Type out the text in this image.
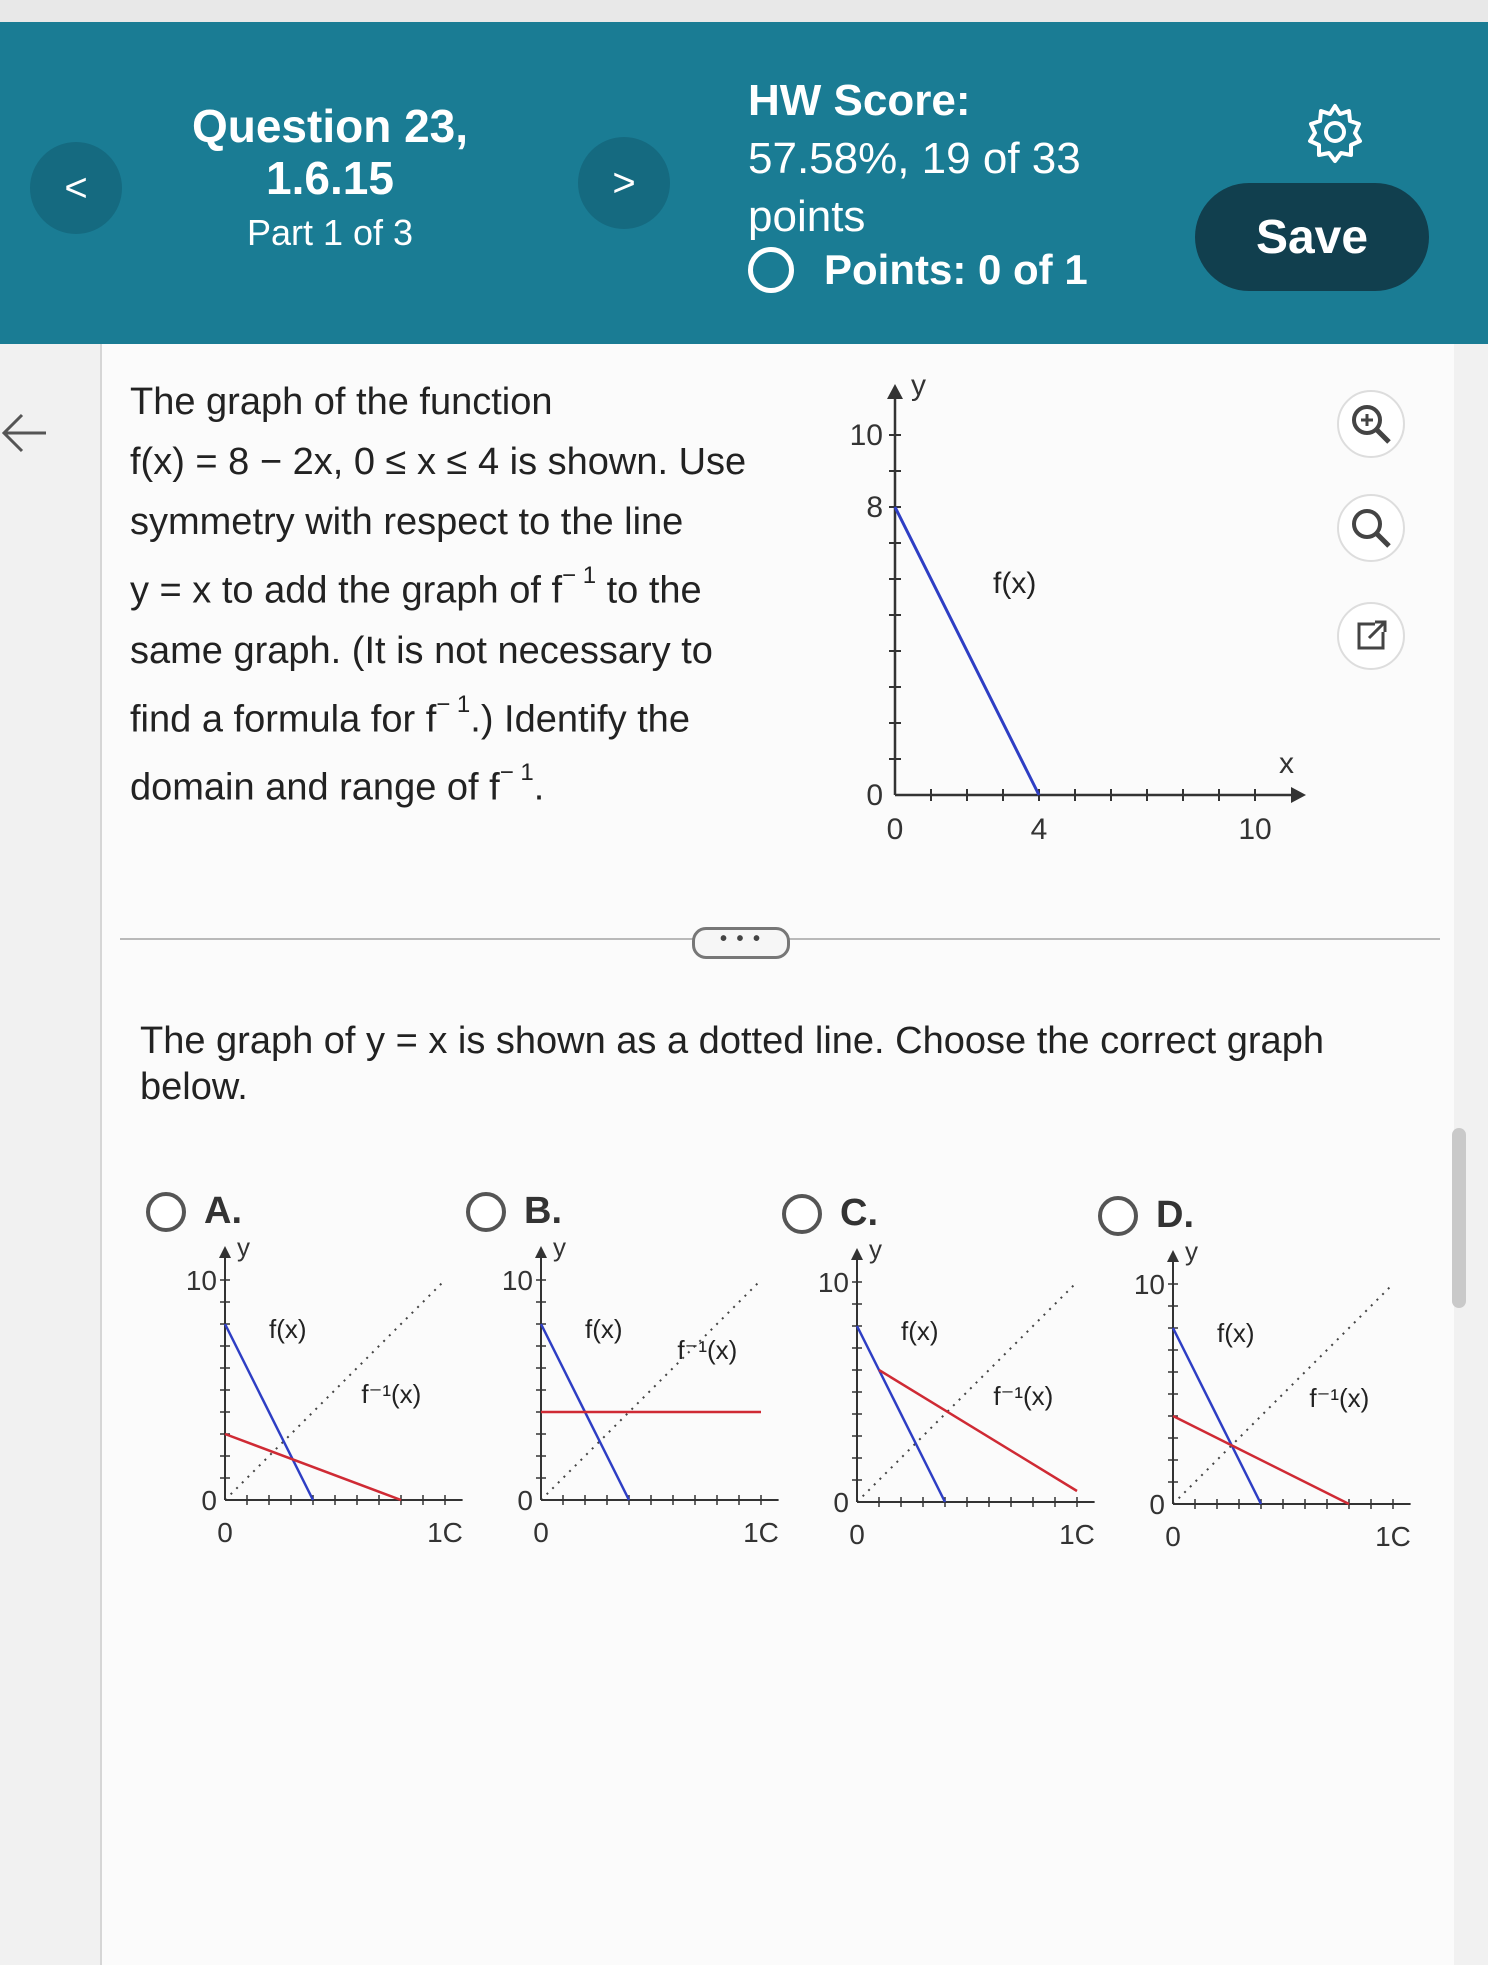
<	>
Question 23, 1.6.15
Part 1 of 3
HW Score:
57.58%, 19 of 33
points
Points: 0 of 1
Save
The graph of the function
f(x) = 8 − 2x, 0 ≤ x ≤ 4 is shown. Use
symmetry with respect to the line
y = x to add the graph of $f^{- 1}$ to the
same graph. (It is not necessary to
find a formula for $f^{- 1}$.) Identify the
domain and range of $f^{- 1}$.
0	4	10
0
8
10
y
x
f(x)
• • •
The graph of y = x is shown as a dotted line. Choose the correct graph below.
A.	B.	C.	D.
10
y
0
0	1C
f(x)
f⁻¹(x)
10
y
0
0	1C
f(x)
f⁻¹(x)
10
y
0
0	1C
f(x)
f⁻¹(x)
10
y
0
0	1C
f(x)
f⁻¹(x)
